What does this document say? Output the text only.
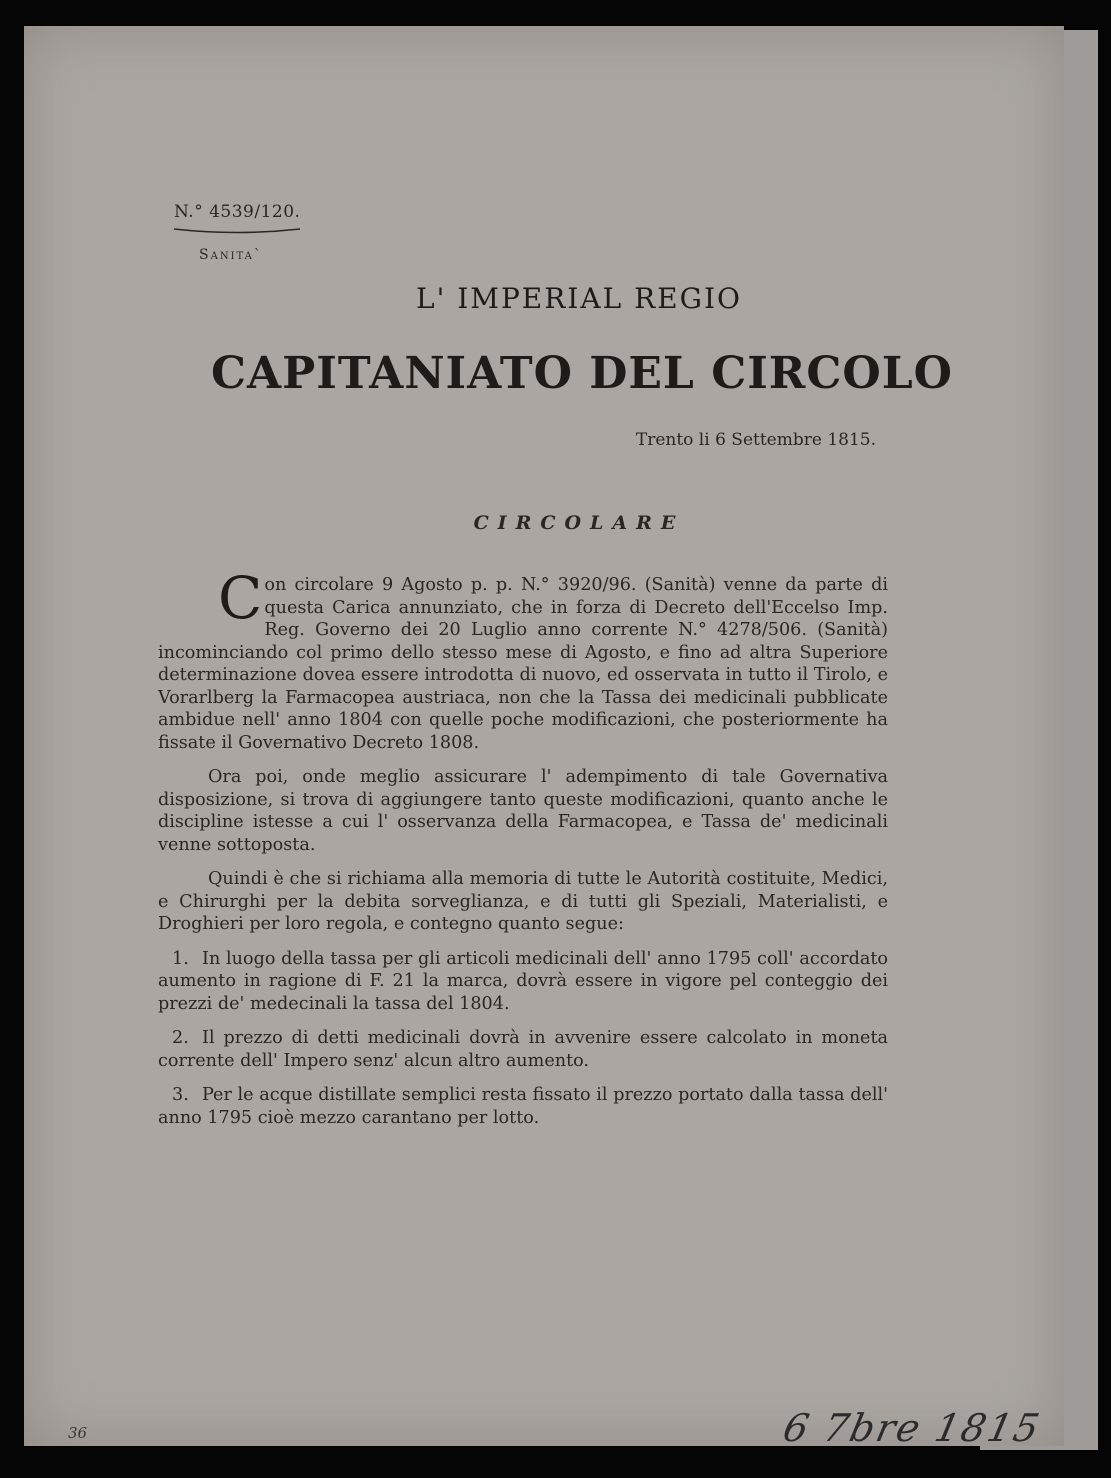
N.° 4539/120.
Sanita`
L' IMPERIAL REGIO
CAPITANIATO DEL CIRCOLO
Trento li 6 Settembre 1815.
CIRCOLARE

Con circolare 9 Agosto p. p. N.° 3920/96. (Sanità) venne da parte di questa Carica annunziato, che in forza di Decreto dell'Eccelso Imp. Reg. Governo dei 20 Luglio anno corrente N.° 4278/506. (Sanità) incominciando col primo dello stesso mese di Agosto, e fino ad altra Superiore determinazione dovea essere introdotta di nuovo, ed osservata in tutto il Tirolo, e Vorarlberg la Farmacopea austriaca, non che la Tassa dei medicinali pubblicate ambidue nell' anno 1804 con quelle poche modificazioni, che posteriormente ha fissate il Governativo Decreto 1808.

Ora poi, onde meglio assicurare l' adempimento di tale Governativa disposizione, si trova di aggiungere tanto queste modificazioni, quanto anche le discipline istesse a cui l' osservanza della Farmacopea, e Tassa de' medicinali venne sottoposta.

Quindi è che si richiama alla memoria di tutte le Autorità costituite, Medici, e Chirurghi per la debita sorveglianza, e di tutti gli Speziali, Materialisti, e Droghieri per loro regola, e contegno quanto segue:

1. In luogo della tassa per gli articoli medicinali dell' anno 1795 coll' accordato aumento in ragione di F. 21 la marca, dovrà essere in vigore pel conteggio dei prezzi de' medecinali la tassa del 1804.

2. Il prezzo di detti medicinali dovrà in avvenire essere calcolato in moneta corrente dell' Impero senz' alcun altro aumento.

3. Per le acque distillate semplici resta fissato il prezzo portato dalla tassa dell' anno 1795 cioè mezzo carantano per lotto.

36	6 7bre 1815
